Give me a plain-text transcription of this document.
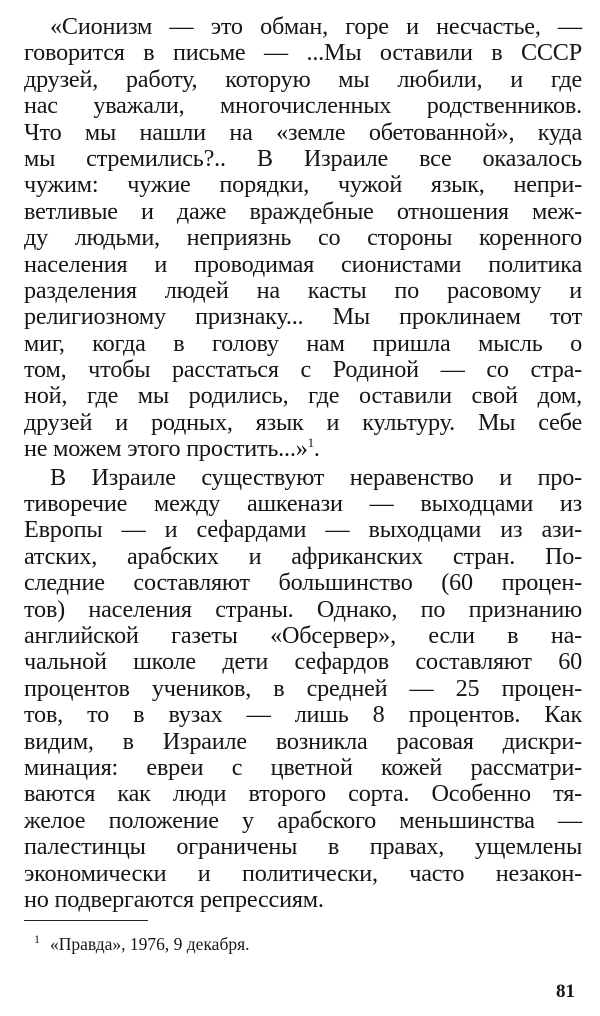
«Сионизм — это обман, горе и несчастье, —
говорится в письме — ...Мы оставили в СССР
друзей, работу, которую мы любили, и где
нас уважали, многочисленных родственников.
Что мы нашли на «земле обетованной», куда
мы стремились?.. В Израиле все оказалось
чужим: чужие порядки, чужой язык, непри-
ветливые и даже враждебные отношения меж-
ду людьми, неприязнь со стороны коренного
населения и проводимая сионистами политика
разделения людей на касты по расовому и
религиозному признаку... Мы проклинаем тот
миг, когда в голову нам пришла мысль о
том, чтобы расстаться с Родиной — со стра-
ной, где мы родились, где оставили свой дом,
друзей и родных, язык и культуру. Мы себе
не можем этого простить...»$^1$.
В Израиле существуют неравенство и про-
тиворечие между ашкенази — выходцами из
Европы — и сефардами — выходцами из ази-
атских, арабских и африканских стран. По-
следние составляют большинство (60 процен-
тов) населения страны. Однако, по признанию
английской газеты «Обсервер», если в на-
чальной школе дети сефардов составляют 60
процентов учеников, в средней — 25 процен-
тов, то в вузах — лишь 8 процентов. Как
видим, в Израиле возникла расовая дискри-
минация: евреи с цветной кожей рассматри-
ваются как люди второго сорта. Особенно тя-
желое положение у арабского меньшинства —
палестинцы ограничены в правах, ущемлены
экономически и политически, часто незакон-
но подвергаются репрессиям.
$^1$ «Правда», 1976, 9 декабря.
81
